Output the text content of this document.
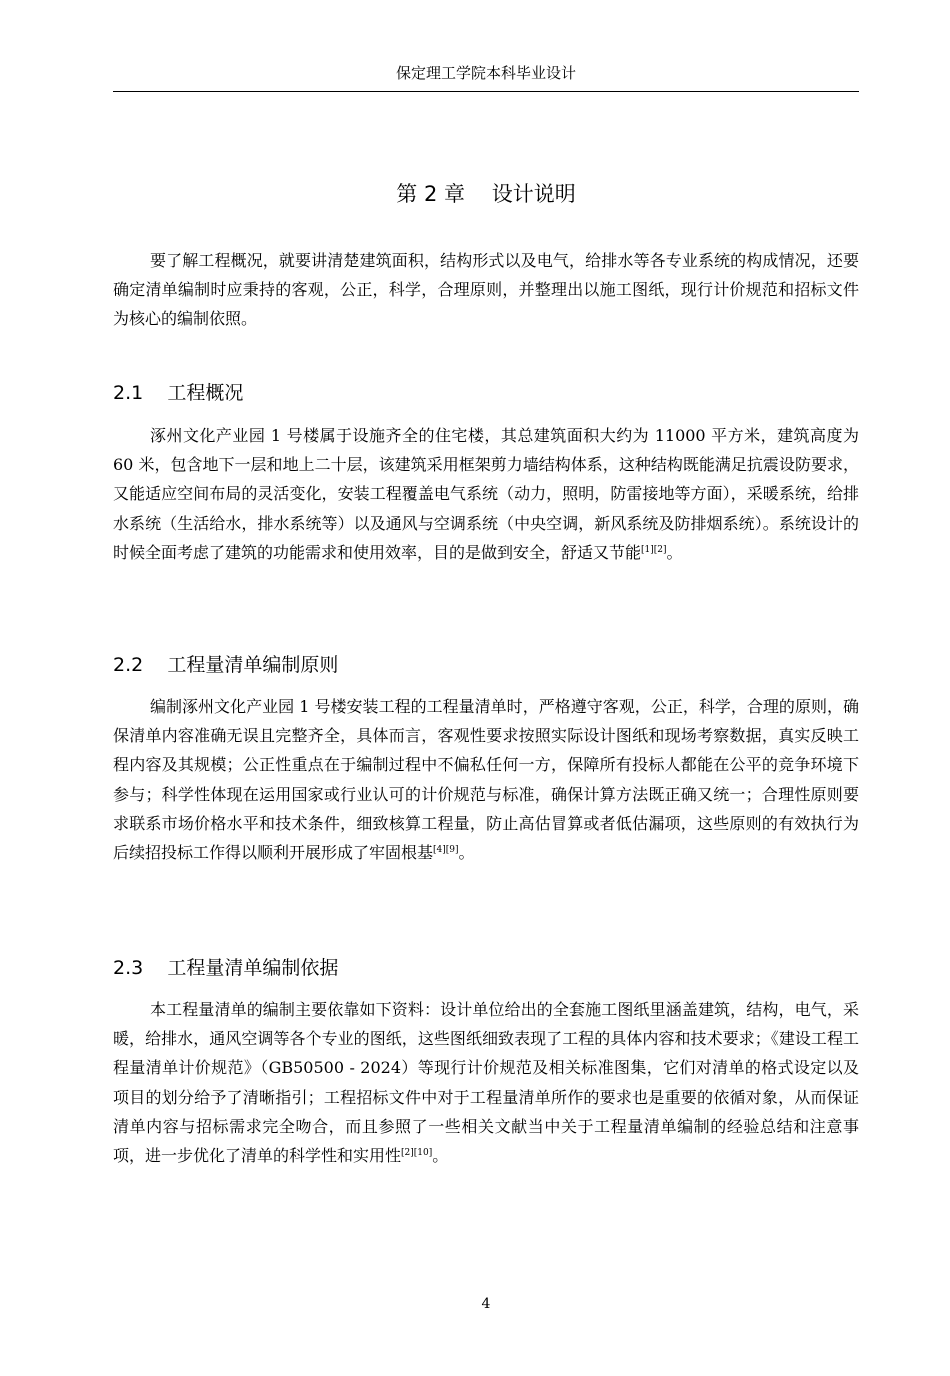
保定理工学院本科毕业设计
第 2 章    设计说明

要了解工程概况，就要讲清楚建筑面积，结构形式以及电气，给排水等各专业系统的构成情况，还要确定清单编制时应秉持的客观，公正，科学，合理原则，并整理出以施工图纸，现行计价规范和招标文件为核心的编制依照。

2.1    工程概况

涿州文化产业园 1 号楼属于设施齐全的住宅楼，其总建筑面积大约为 11000 平方米，建筑高度为 60 米，包含地下一层和地上二十层，该建筑采用框架剪力墙结构体系，这种结构既能满足抗震设防要求，又能适应空间布局的灵活变化，安装工程覆盖电气系统（动力，照明，防雷接地等方面），采暖系统，给排水系统（生活给水，排水系统等）以及通风与空调系统（中央空调，新风系统及防排烟系统）。系统设计的时候全面考虑了建筑的功能需求和使用效率，目的是做到安全，舒适又节能[1][2]。

2.2    工程量清单编制原则

编制涿州文化产业园 1 号楼安装工程的工程量清单时，严格遵守客观，公正，科学，合理的原则，确保清单内容准确无误且完整齐全，具体而言，客观性要求按照实际设计图纸和现场考察数据，真实反映工程内容及其规模；公正性重点在于编制过程中不偏私任何一方，保障所有投标人都能在公平的竞争环境下参与；科学性体现在运用国家或行业认可的计价规范与标准，确保计算方法既正确又统一；合理性原则要求联系市场价格水平和技术条件，细致核算工程量，防止高估冒算或者低估漏项，这些原则的有效执行为后续招投标工作得以顺利开展形成了牢固根基[4][9]。

2.3    工程量清单编制依据

本工程量清单的编制主要依靠如下资料：设计单位给出的全套施工图纸里涵盖建筑，结构，电气，采暖，给排水，通风空调等各个专业的图纸，这些图纸细致表现了工程的具体内容和技术要求；《建设工程工程量清单计价规范》（GB50500 - 2024）等现行计价规范及相关标准图集，它们对清单的格式设定以及项目的划分给予了清晰指引；工程招标文件中对于工程量清单所作的要求也是重要的依循对象，从而保证清单内容与招标需求完全吻合，而且参照了一些相关文献当中关于工程量清单编制的经验总结和注意事项，进一步优化了清单的科学性和实用性[2][10]。

4
